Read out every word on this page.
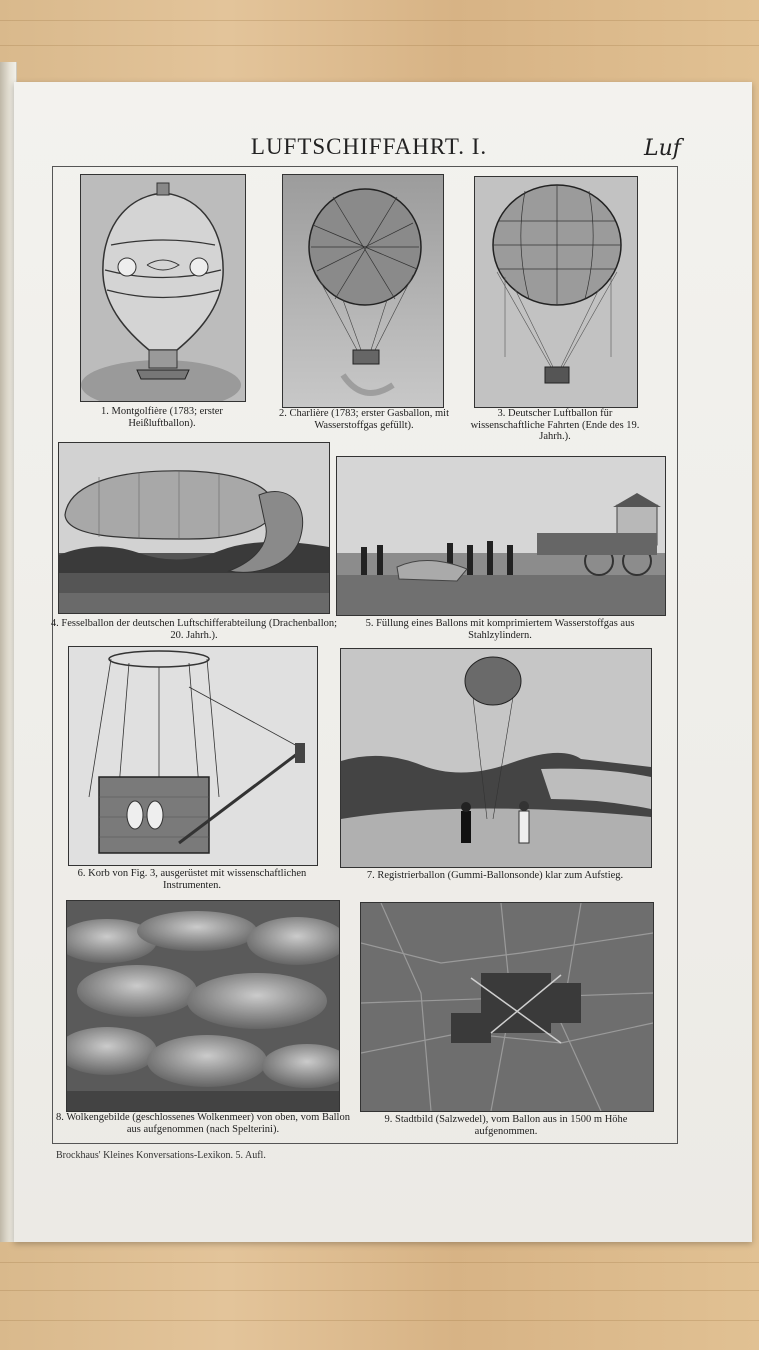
LUFTSCHIFFAHRT. I.	Luf
1. Montgolfière (1783; erster Heißluftballon).
2. Charlière (1783; erster Gasballon, mit Wasserstoffgas gefüllt).
3. Deutscher Luftballon für wissenschaftliche Fahrten (Ende des 19. Jahrh.).
4. Fesselballon der deutschen Luftschifferabteilung (Drachenballon; 20. Jahrh.).
5. Füllung eines Ballons mit komprimiertem Wasserstoffgas aus Stahlzylindern.
6. Korb von Fig. 3, ausgerüstet mit wissenschaftlichen Instrumenten.
7. Registrierballon (Gummi-Ballonsonde) klar zum Aufstieg.
8. Wolkengebilde (geschlossenes Wolkenmeer) von oben, vom Ballon aus aufgenommen (nach Spelterini).
9. Stadtbild (Salzwedel), vom Ballon aus in 1500 m Höhe aufgenommen.
Brockhaus' Kleines Konversations-Lexikon. 5. Aufl.
